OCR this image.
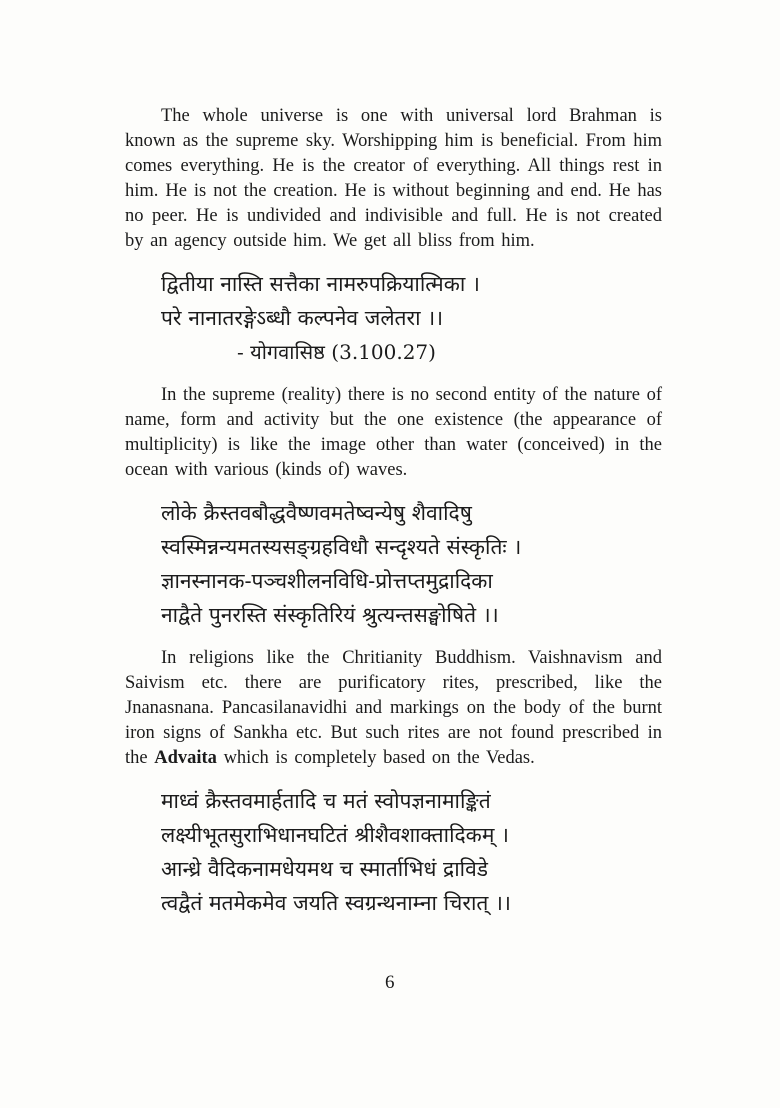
The whole universe is one with universal lord Brahman is known as the supreme sky. Worshipping him is beneficial. From him comes everything. He is the creator of everything. All things rest in him. He is not the creation. He is without beginning and end. He has no peer. He is undivided and indivisible and full. He is not created by an agency outside him. We get all bliss from him.

द्वितीया नास्ति सत्तैका नामरुपक्रियात्मिका ।
परे नानातरङ्गेऽब्धौ कल्पनेव जलेतरा ।।
- योगवासिष्ठ (3.100.27)

In the supreme (reality) there is no second entity of the nature of name, form and activity but the one existence (the appearance of multiplicity) is like the image other than water (conceived) in the ocean with various (kinds of) waves.

लोके क्रैस्तवबौद्धवैष्णवमतेष्वन्येषु शैवादिषु
स्वस्मिन्नन्यमतस्यसङ्ग्रहविधौ सन्दृश्यते संस्कृतिः ।
ज्ञानस्नानक-पञ्चशीलनविधि-प्रोत्तप्तमुद्रादिका
नाद्वैते पुनरस्ति संस्कृतिरियं श्रुत्यन्तसङ्घोषिते ।।

In religions like the Chritianity Buddhism. Vaishnavism and Saivism etc. there are purificatory rites, prescribed, like the Jnanasnana. Pancasilanavidhi and markings on the body of the burnt iron signs of Sankha etc. But such rites are not found prescribed in the Advaita which is completely based on the Vedas.

माध्वं क्रैस्तवमार्हतादि च मतं स्वोपज्ञनामाङ्कितं
लक्ष्यीभूतसुराभिधानघटितं श्रीशैवशाक्तादिकम् ।
आन्ध्रे वैदिकनामधेयमथ च स्मार्ताभिधं द्राविडे
त्वद्वैतं मतमेकमेव जयति स्वग्रन्थनाम्ना चिरात् ।।
6
